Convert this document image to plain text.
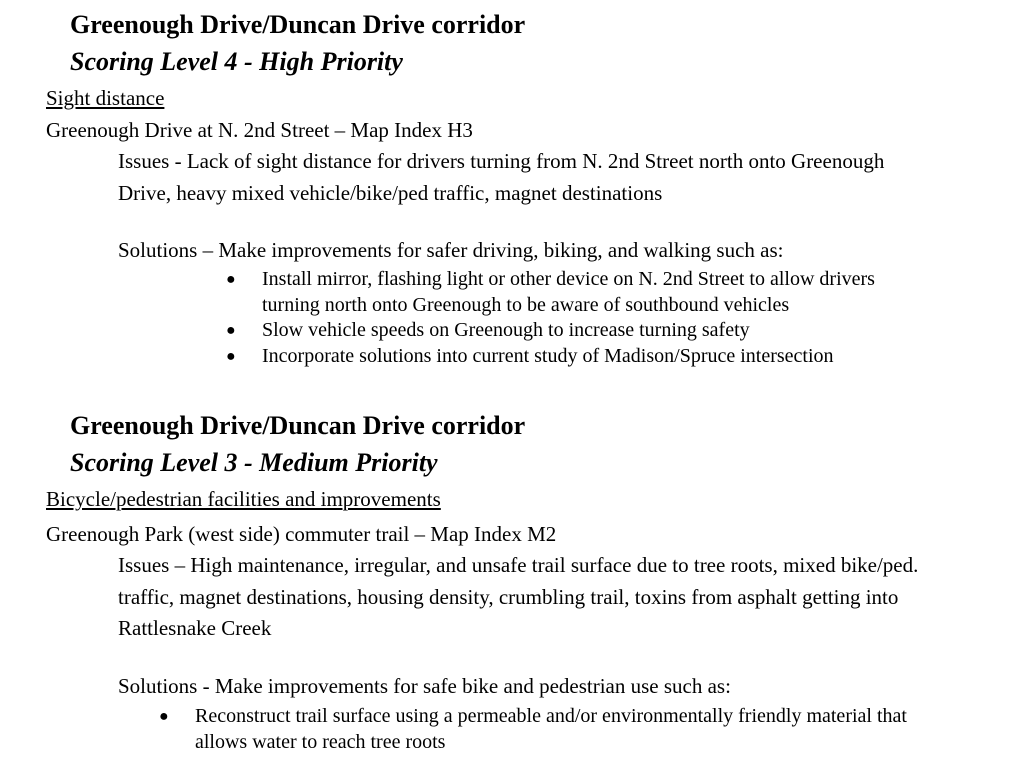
Greenough Drive/Duncan Drive corridor
Scoring Level 4 - High Priority
Sight distance
Greenough Drive at N. 2nd Street – Map Index H3
Issues - Lack of sight distance for drivers turning from N. 2nd Street north onto Greenough Drive, heavy mixed vehicle/bike/ped traffic, magnet destinations
Solutions – Make improvements for safer driving, biking, and walking such as:
● Install mirror, flashing light or other device on N. 2nd Street to allow drivers turning north onto Greenough to be aware of southbound vehicles
● Slow vehicle speeds on Greenough to increase turning safety
● Incorporate solutions into current study of Madison/Spruce intersection
Greenough Drive/Duncan Drive corridor
Scoring Level 3 - Medium Priority
Bicycle/pedestrian facilities and improvements
Greenough Park (west side) commuter trail – Map Index M2
Issues – High maintenance, irregular, and unsafe trail surface due to tree roots, mixed bike/ped. traffic, magnet destinations, housing density, crumbling trail, toxins from asphalt getting into Rattlesnake Creek
Solutions - Make improvements for safe bike and pedestrian use such as:
● Reconstruct trail surface using a permeable and/or environmentally friendly material that allows water to reach tree roots
